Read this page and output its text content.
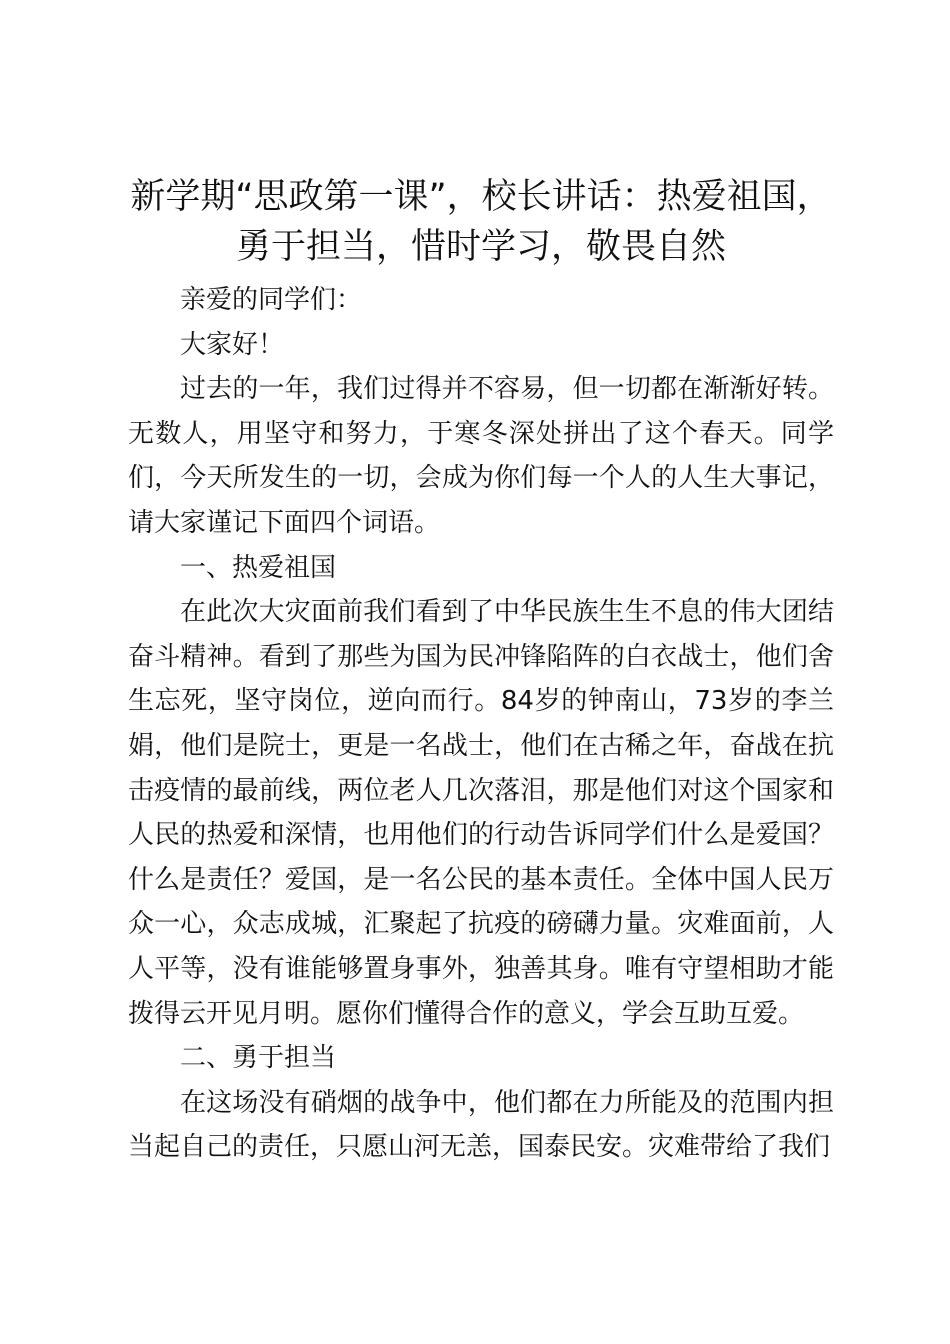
新学期“思政第一课”，校长讲话：热爱祖国，
勇于担当，惜时学习，敬畏自然

亲爱的同学们：

大家好！

过去的一年，我们过得并不容易，但一切都在渐渐好转。无数人，用坚守和努力，于寒冬深处拼出了这个春天。同学们，今天所发生的一切，会成为你们每一个人的人生大事记，请大家谨记下面四个词语。

一、热爱祖国

在此次大灾面前我们看到了中华民族生生不息的伟大团结奋斗精神。看到了那些为国为民冲锋陷阵的白衣战士，他们舍生忘死，坚守岗位，逆向而行。84岁的钟南山，73岁的李兰娟，他们是院士，更是一名战士，他们在古稀之年，奋战在抗击疫情的最前线，两位老人几次落泪，那是他们对这个国家和人民的热爱和深情，也用他们的行动告诉同学们什么是爱国？什么是责任？爱国，是一名公民的基本责任。全体中国人民万众一心，众志成城，汇聚起了抗疫的磅礴力量。灾难面前，人人平等，没有谁能够置身事外，独善其身。唯有守望相助才能拨得云开见月明。愿你们懂得合作的意义，学会互助互爱。

二、勇于担当

在这场没有硝烟的战争中，他们都在力所能及的范围内担当起自己的责任，只愿山河无恙，国泰民安。灾难带给了我们
